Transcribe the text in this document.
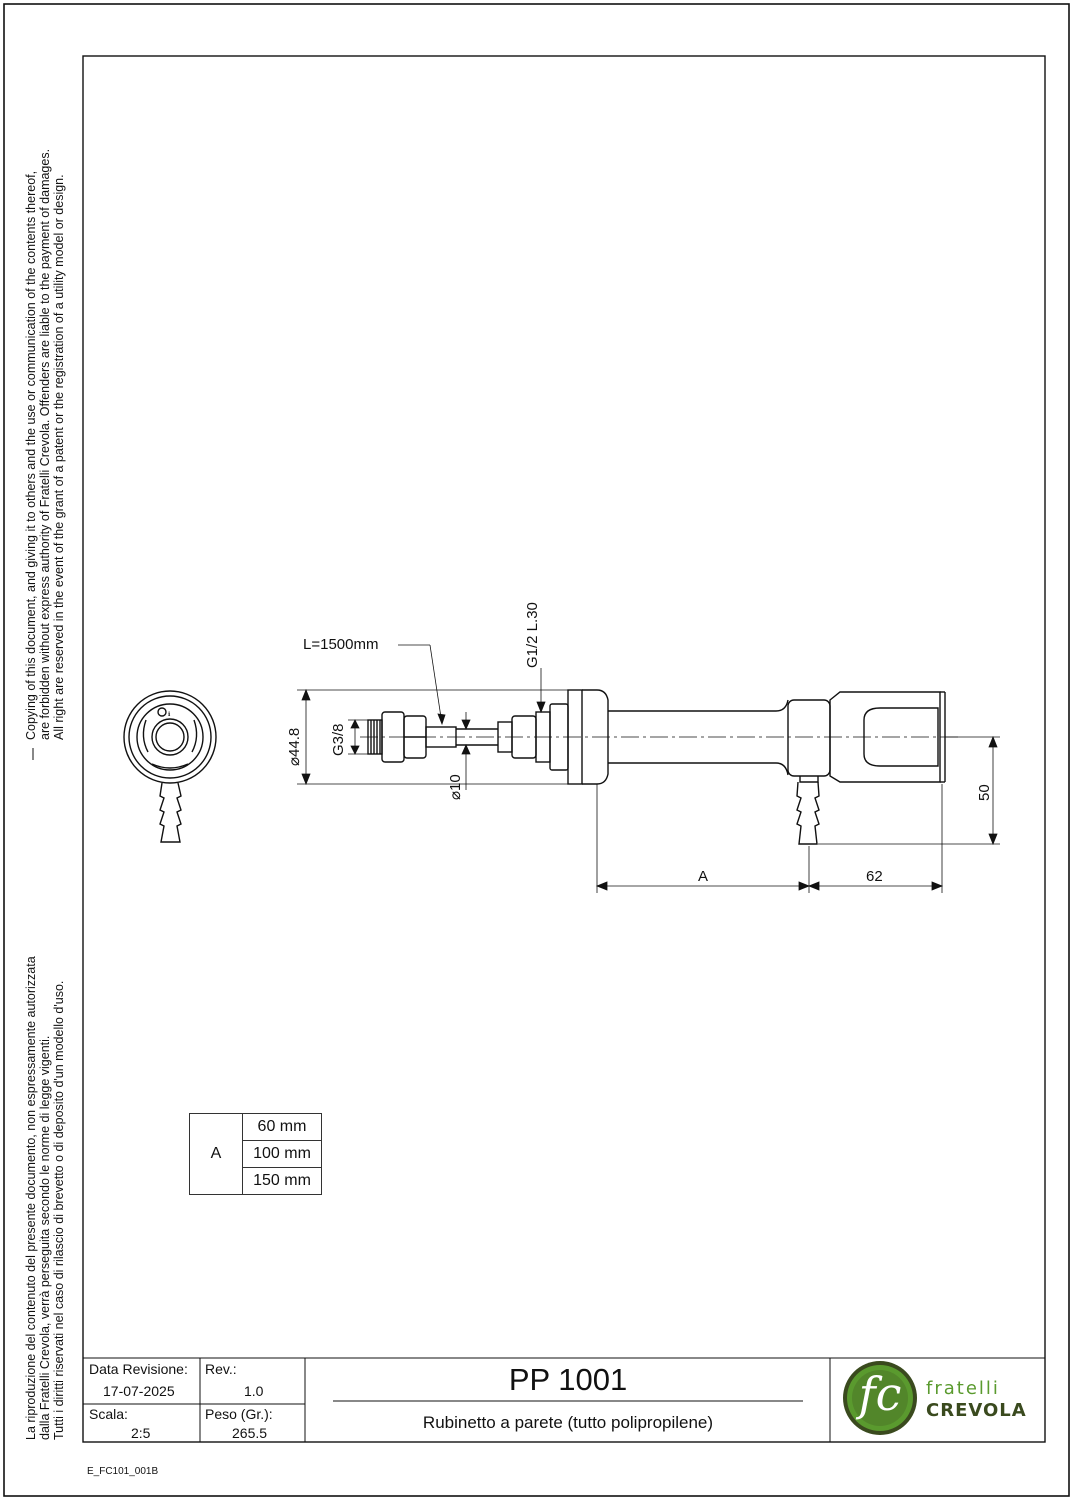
ℹ
Copying of this document, and giving it to others and the use or communication of the contents thereof, are forbidden without express authority of Fratelli Crevola. Offenders are liable to the payment of damages. All right are reserved in the event of the grant of a patent or the registration of a utility model or design.
La riproduzione del contenuto del presente documento, non espressamente autorizzata dalla Fratelli Crevola, verrà perseguita secondo le norme di legge vigenti. Tutti i diritti riservati nel caso di rilascio di brevetto o di deposito d'un modello d'uso.
L=1500mm	G1/2 L.30
⌀44.8 G3/8
⌀10
50
A	62
A	60 mm
100 mm
150 mm
Data Revisione:
17-07-2025
Rev.:
1.0
Scala:
2:5
Peso (Gr.):
265.5
PP 1001
Rubinetto a parete (tutto polipropilene)
fc fratelli
CREVOLA
E_FC101_001B
